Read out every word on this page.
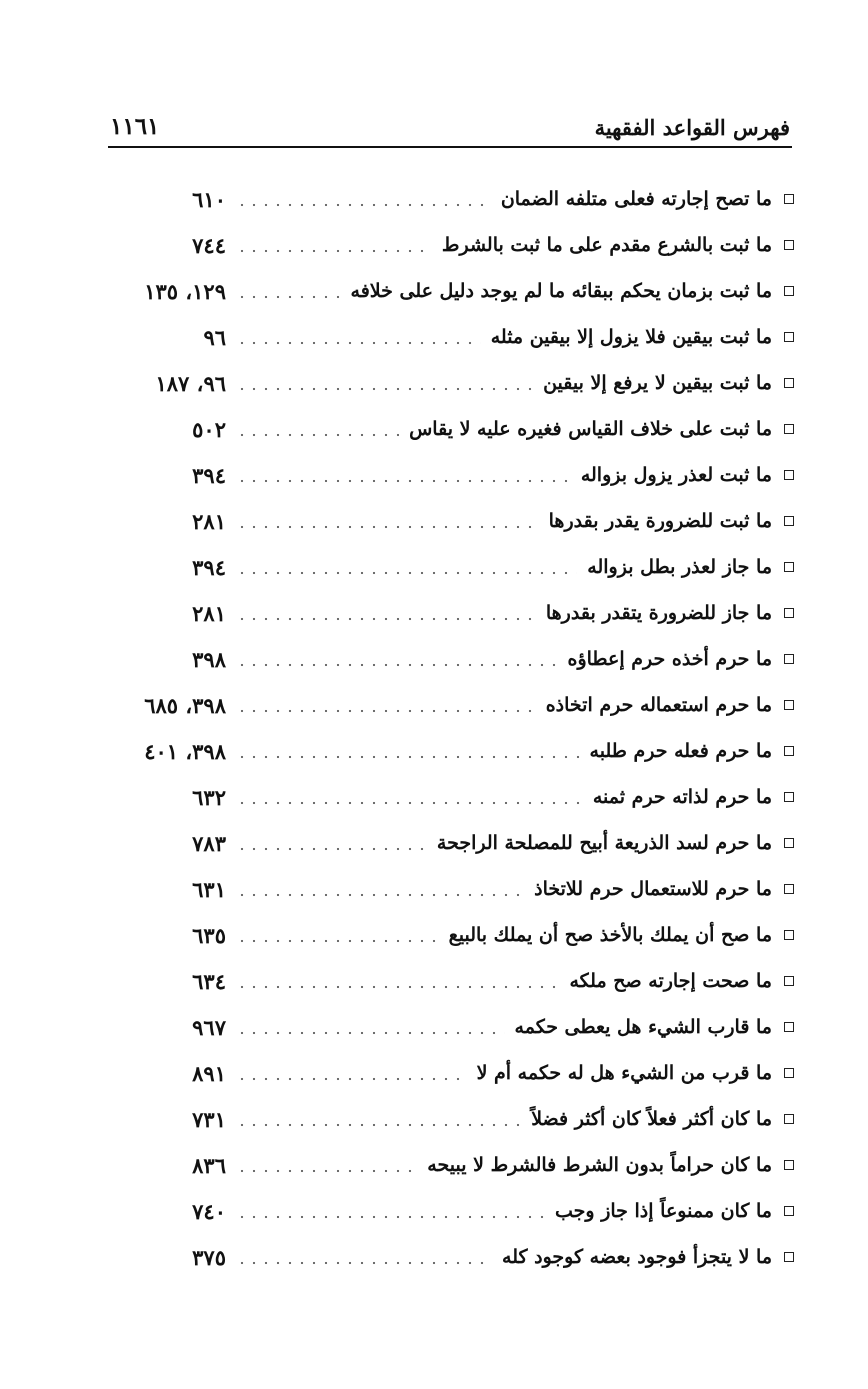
فهرس القواعد الفقهية
١١٦١
ما تصح إجارته فعلى متلفه الضمان
٦١٠
ما ثبت بالشرع مقدم على ما ثبت بالشرط
٧٤٤
ما ثبت بزمان يحكم ببقائه ما لم يوجد دليل على خلافه
١٢٩، ١٣٥
ما ثبت بيقين فلا يزول إلا بيقين مثله
٩٦
ما ثبت بيقين لا يرفع إلا بيقين
٩٦، ١٨٧
ما ثبت على خلاف القياس فغيره عليه لا يقاس
٥٠٢
ما ثبت لعذر يزول بزواله
٣٩٤
ما ثبت للضرورة يقدر بقدرها
٢٨١
ما جاز لعذر بطل بزواله
٣٩٤
ما جاز للضرورة يتقدر بقدرها
٢٨١
ما حرم أخذه حرم إعطاؤه
٣٩٨
ما حرم استعماله حرم اتخاذه
٣٩٨، ٦٨٥
ما حرم فعله حرم طلبه
٣٩٨، ٤٠١
ما حرم لذاته حرم ثمنه
٦٣٢
ما حرم لسد الذريعة أبيح للمصلحة الراجحة
٧٨٣
ما حرم للاستعمال حرم للاتخاذ
٦٣١
ما صح أن يملك بالأخذ صح أن يملك بالبيع
٦٣٥
ما صحت إجارته صح ملكه
٦٣٤
ما قارب الشيء هل يعطى حكمه
٩٦٧
ما قرب من الشيء هل له حكمه أم لا
٨٩١
ما كان أكثر فعلاً كان أكثر فضلاً
٧٣١
ما كان حراماً بدون الشرط فالشرط لا يبيحه
٨٣٦
ما كان ممنوعاً إذا جاز وجب
٧٤٠
ما لا يتجزأ فوجود بعضه كوجود كله
٣٧٥
